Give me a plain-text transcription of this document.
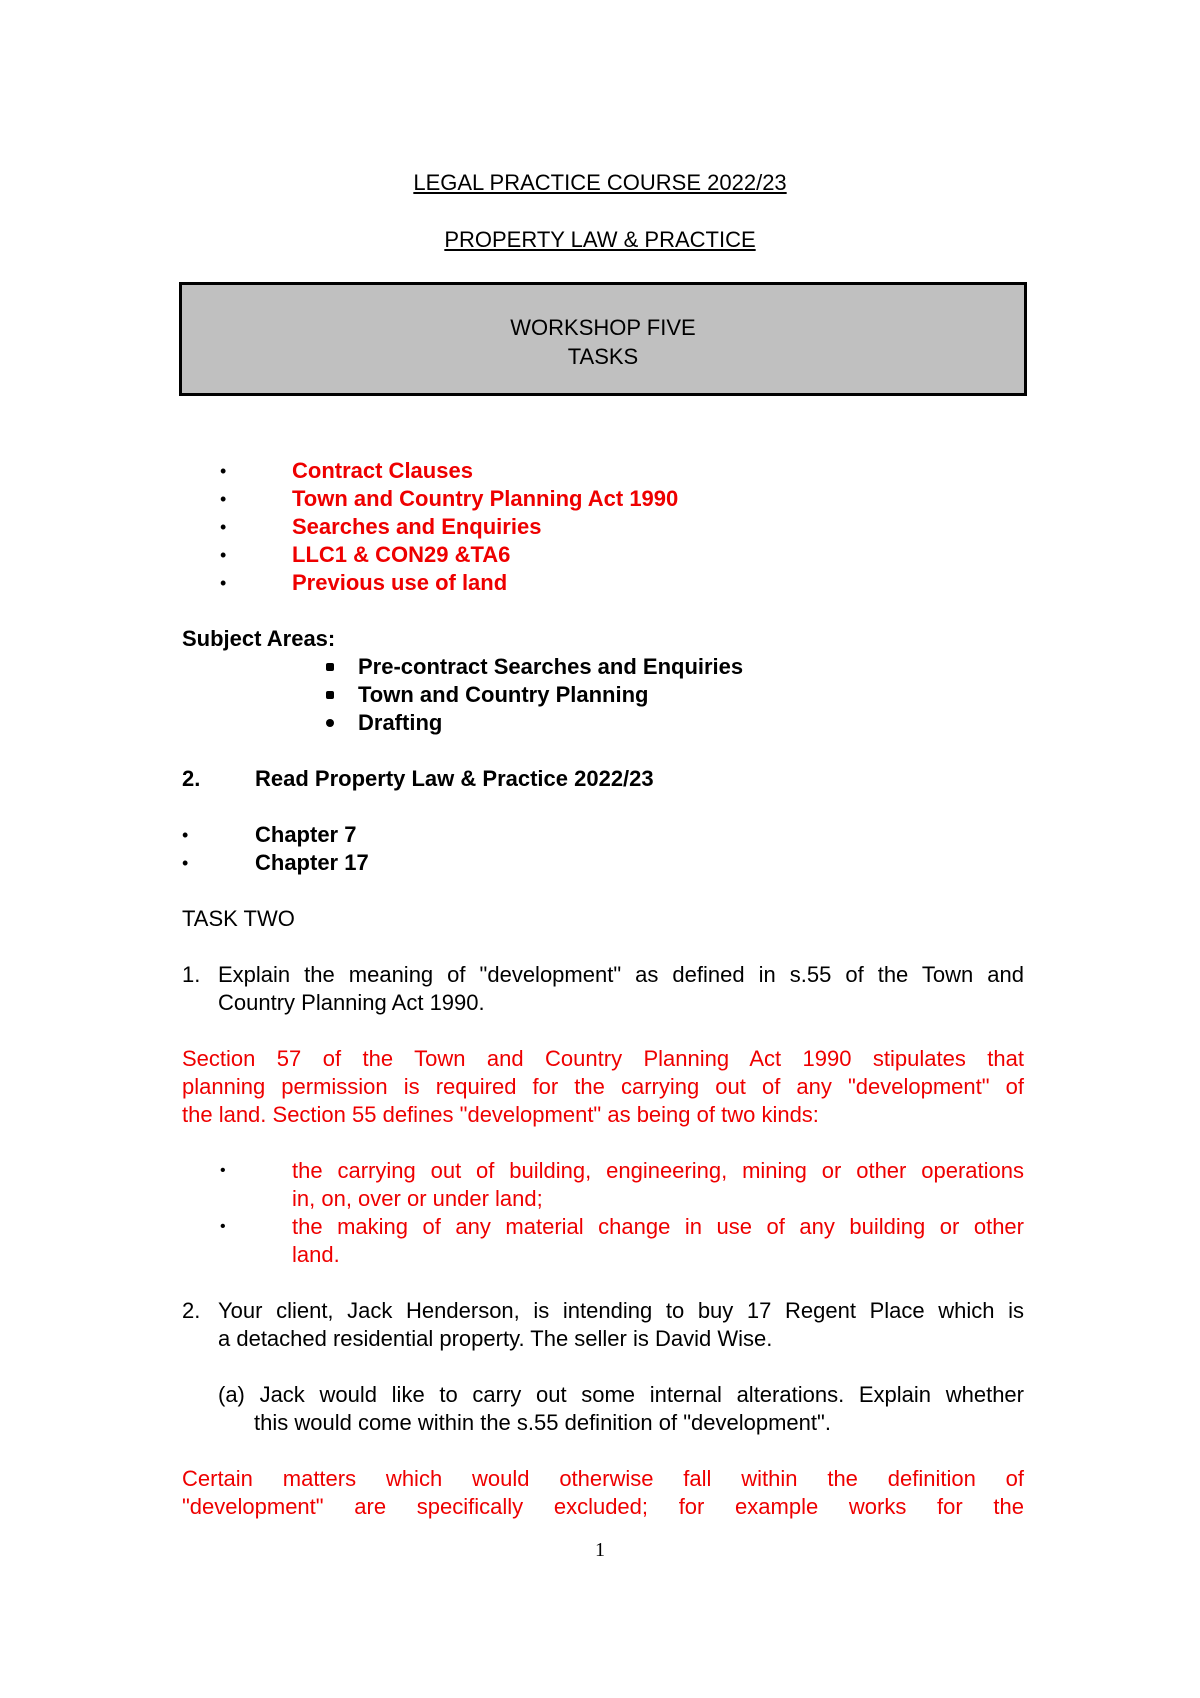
LEGAL PRACTICE COURSE 2022/23
PROPERTY LAW & PRACTICE
WORKSHOP FIVE
TASKS
•	Contract Clauses
•	Town and Country Planning Act 1990
•	Searches and Enquiries
•	LLC1 & CON29 &TA6
•	Previous use of land
Subject Areas:
Pre-contract Searches and Enquiries
Town and Country Planning
Drafting
2. Read Property Law & Practice 2022/23
•	Chapter 7
•	Chapter 17
TASK TWO
1. Explain the meaning of "development" as defined in s.55 of the Town and
Country Planning Act 1990.
Section 57 of the Town and Country Planning Act 1990 stipulates that
planning permission is required for the carrying out of any "development" of
the land. Section 55 defines "development" as being of two kinds:
•	the carrying out of building, engineering, mining or other operations
in, on, over or under land;
•	the making of any material change in use of any building or other
land.
2. Your client, Jack Henderson, is intending to buy 17 Regent Place which is
a detached residential property. The seller is David Wise.
(a) Jack would like to carry out some internal alterations. Explain whether
this would come within the s.55 definition of "development".
Certain matters which would otherwise fall within the definition of
"development" are specifically excluded; for example works for the
1
